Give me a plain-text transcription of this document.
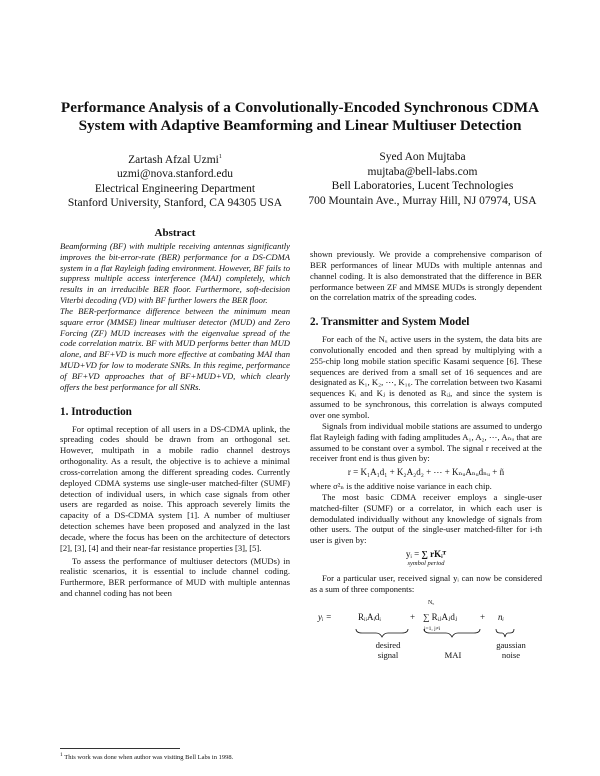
Performance Analysis of a Convolutionally-Encoded Synchronous CDMA
System with Adaptive Beamforming and Linear Multiuser Detection
Zartash Afzal Uzmi$^1$
uzmi@nova.stanford.edu
Electrical Engineering Department
Stanford University, Stanford, CA 94305 USA
Syed Aon Mujtaba
mujtaba@bell-labs.com
Bell Laboratories, Lucent Technologies
700 Mountain Ave., Murray Hill, NJ 07974, USA
Abstract

Beamforming (BF) with multiple receiving antennas significantly improves the bit-error-rate (BER) performance for a DS-CDMA system in a flat Rayleigh fading environment. However, BF fails to suppress multiple access interference (MAI) completely, which results in an irreducible BER floor. Furthermore, soft-decision Viterbi decoding (VD) with BF further lowers the BER floor.

The BER-performance difference between the minimum mean square error (MMSE) linear multiuser detector (MUD) and Zero Forcing (ZF) MUD increases with the eigenvalue spread of the code correlation matrix. BF with MUD performs better than MUD alone, and BF+VD is much more effective at combating MAI than MUD+VD for low to moderate SNRs. In this regime, performance of BF+VD approaches that of BF+MUD+VD, which clearly offers the best performance for all SNRs.

1. Introduction

For optimal reception of all users in a DS-CDMA uplink, the spreading codes should be drawn from an orthogonal set. However, multipath in a mobile radio channel destroys orthogonality. As a result, the objective is to achieve a minimal cross-correlation among the different spreading codes. Currently deployed CDMA systems use single-user matched-filter (SUMF) detection of individual users, in which case signals from other users are regarded as noise. This approach severely limits the capacity of a DS-CDMA system [1]. A number of multiuser detection schemes have been proposed and analyzed in the last decade, where the focus has been on the architecture of detectors [2], [3], [4] and their near-far resistance properties [3], [5].

To assess the performance of multiuser detectors (MUDs) in realistic scenarios, it is essential to include channel coding. Furthermore, BER performance of MUD with multiple antennas and channel coding has not been

$^1$ This work was done when author was visiting Bell Labs in 1998.

shown previously. We provide a comprehensive comparison of BER performances of linear MUDs with multiple antennas and channel coding. It is also demonstrated that the difference in BER performance between ZF and MMSE MUDs is strongly dependent on the correlation matrix of the spreading codes.

2. Transmitter and System Model

For each of the Nᵤ active users in the system, the data bits are convolutionally encoded and then spread by multiplying with a 255-chip long mobile station specific Kasami sequence [6]. These sequences are derived from a small set of 16 sequences and are designated as K₁, K₂, ⋯, K₁₆. The correlation between two Kasami sequences Kᵢ and Kⱼ is denoted as Rᵢⱼ, and since the system is assumed to be synchronous, this correlation is always computed over one symbol.

Signals from individual mobile stations are assumed to undergo flat Rayleigh fading with fading amplitudes A₁, A₂, ⋯, Aₙᵤ that are assumed to be constant over a symbol. The signal r received at the receiver front end is thus given by:

r = K₁A₁d₁ + K₂A₂d₂ + ⋯ + KₙᵤAₙᵤdₙᵤ + ñ

where σ²ₙ is the additive noise variance in each chip.

The most basic CDMA receiver employs a single-user matched-filter (SUMF) or a correlator, in which each user is demodulated individually without any knowledge of signals from other users. The output of the single-user matched-filter for i-th user is given by:

yᵢ = ∑ rKᵢᵀ
symbol period

For a particular user, received signal yᵢ can now be considered as a sum of three components:

yᵢ =	RᵢᵢAᵢdᵢ	+
Nᵤ
∑ RᵢⱼAⱼdⱼ
j=1, j≠i
+ nᵢ
desired
signal	MAI
gaussian
noise
